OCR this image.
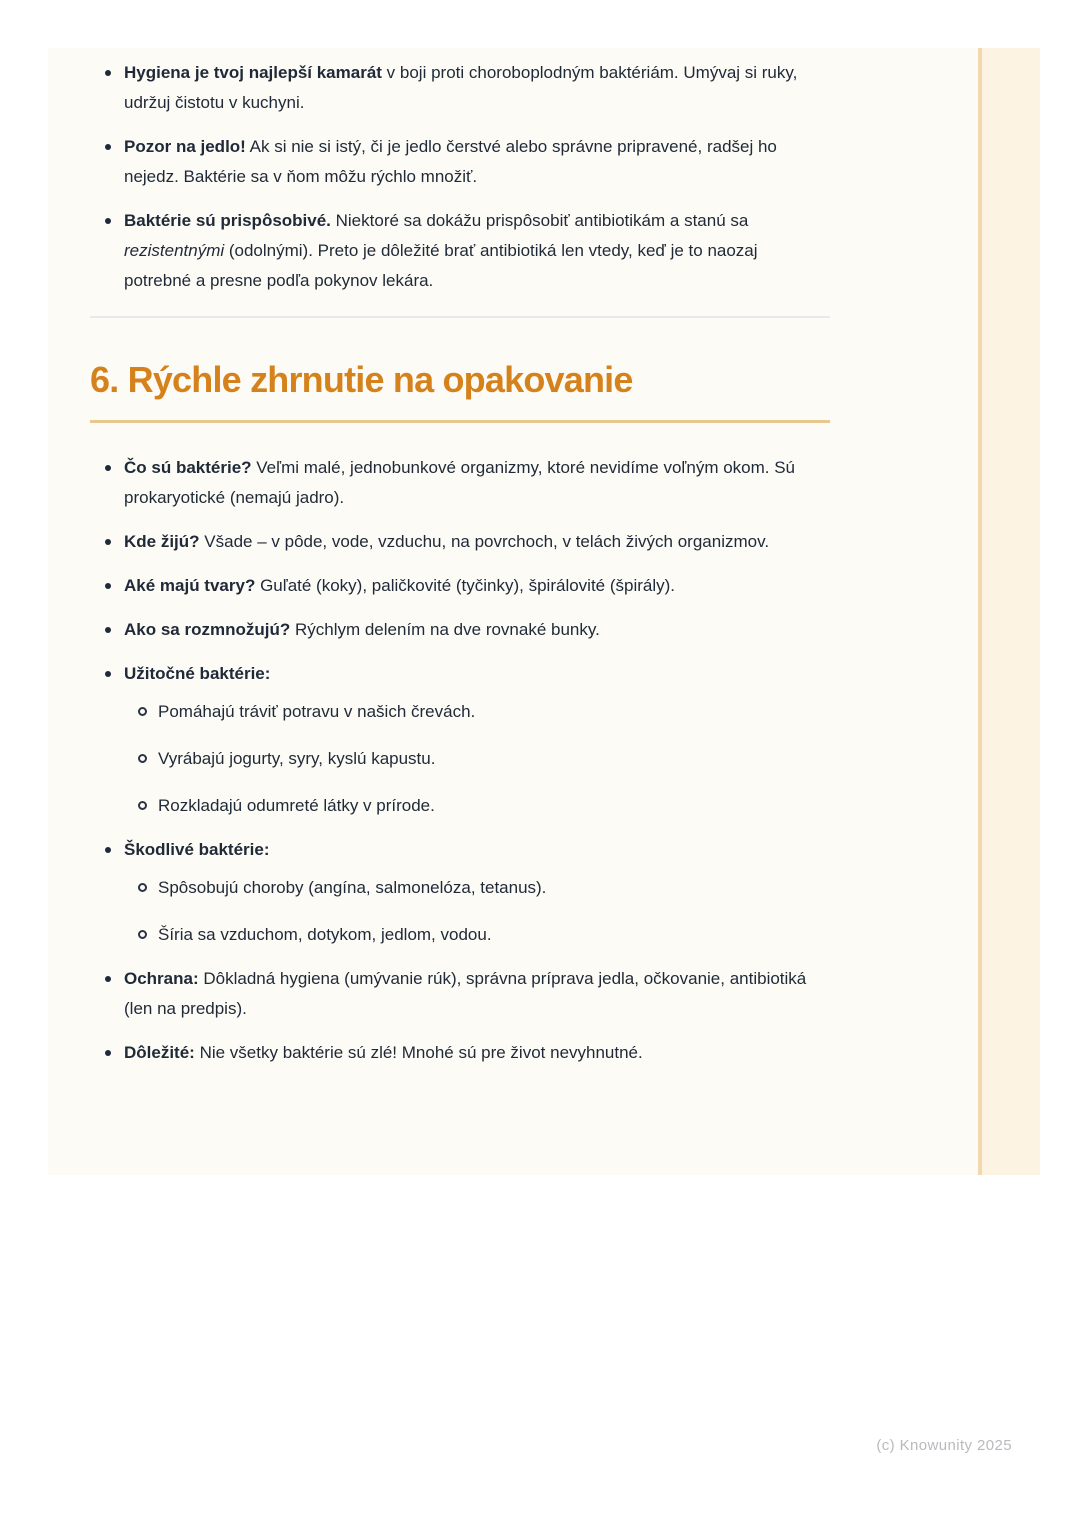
Hygiena je tvoj najlepší kamarát v boji proti choroboplodným baktériám. Umývaj si ruky, udržuj čistotu v kuchyni.
Pozor na jedlo! Ak si nie si istý, či je jedlo čerstvé alebo správne pripravené, radšej ho nejedz. Baktérie sa v ňom môžu rýchlo množiť.
Baktérie sú prispôsobivé. Niektoré sa dokážu prispôsobiť antibiotikám a stanú sa rezistentnými (odolnými). Preto je dôležité brať antibiotiká len vtedy, keď je to naozaj potrebné a presne podľa pokynov lekára.
6. Rýchle zhrnutie na opakovanie
Čo sú baktérie? Veľmi malé, jednobunkové organizmy, ktoré nevidíme voľným okom. Sú prokaryotické (nemajú jadro).
Kde žijú? Všade – v pôde, vode, vzduchu, na povrchoch, v telách živých organizmov.
Aké majú tvary? Guľaté (koky), paličkovité (tyčinky), špirálovité (špirály).
Ako sa rozmnožujú? Rýchlym delením na dve rovnaké bunky.
Užitočné baktérie:
Pomáhajú tráviť potravu v našich črevách.
Vyrábajú jogurty, syry, kyslú kapustu.
Rozkladajú odumreté látky v prírode.
Škodlivé baktérie:
Spôsobujú choroby (angína, salmonelóza, tetanus).
Šíria sa vzduchom, dotykom, jedlom, vodou.
Ochrana: Dôkladná hygiena (umývanie rúk), správna príprava jedla, očkovanie, antibiotiká (len na predpis).
Dôležité: Nie všetky baktérie sú zlé! Mnohé sú pre život nevyhnutné.
(c) Knowunity 2025
